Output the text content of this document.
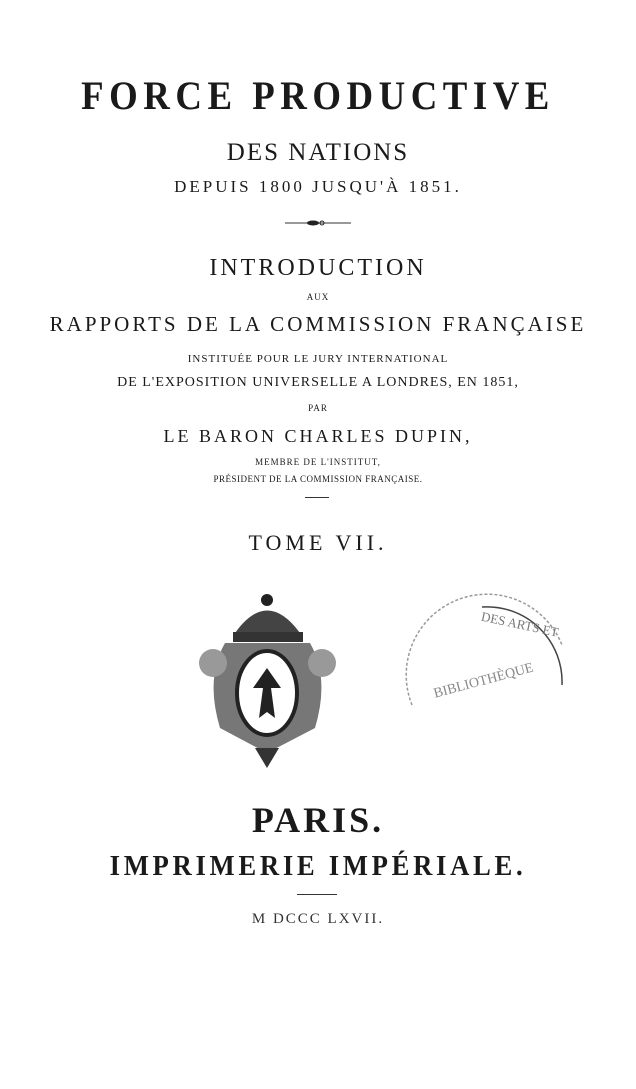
FORCE PRODUCTIVE
DES NATIONS
DEPUIS 1800 JUSQU'À 1851.
INTRODUCTION
AUX
RAPPORTS DE LA COMMISSION FRANÇAISE
INSTITUÉE POUR LE JURY INTERNATIONAL
DE L'EXPOSITION UNIVERSELLE A LONDRES, EN 1851,
PAR
LE BARON CHARLES DUPIN,
MEMBRE DE L'INSTITUT,
PRÉSIDENT DE LA COMMISSION FRANÇAISE.
TOME VII.
DES ARTS ET
BIBLIOTHÈQUE
PARIS.
IMPRIMERIE IMPÉRIALE.
M DCCC LXVII.
